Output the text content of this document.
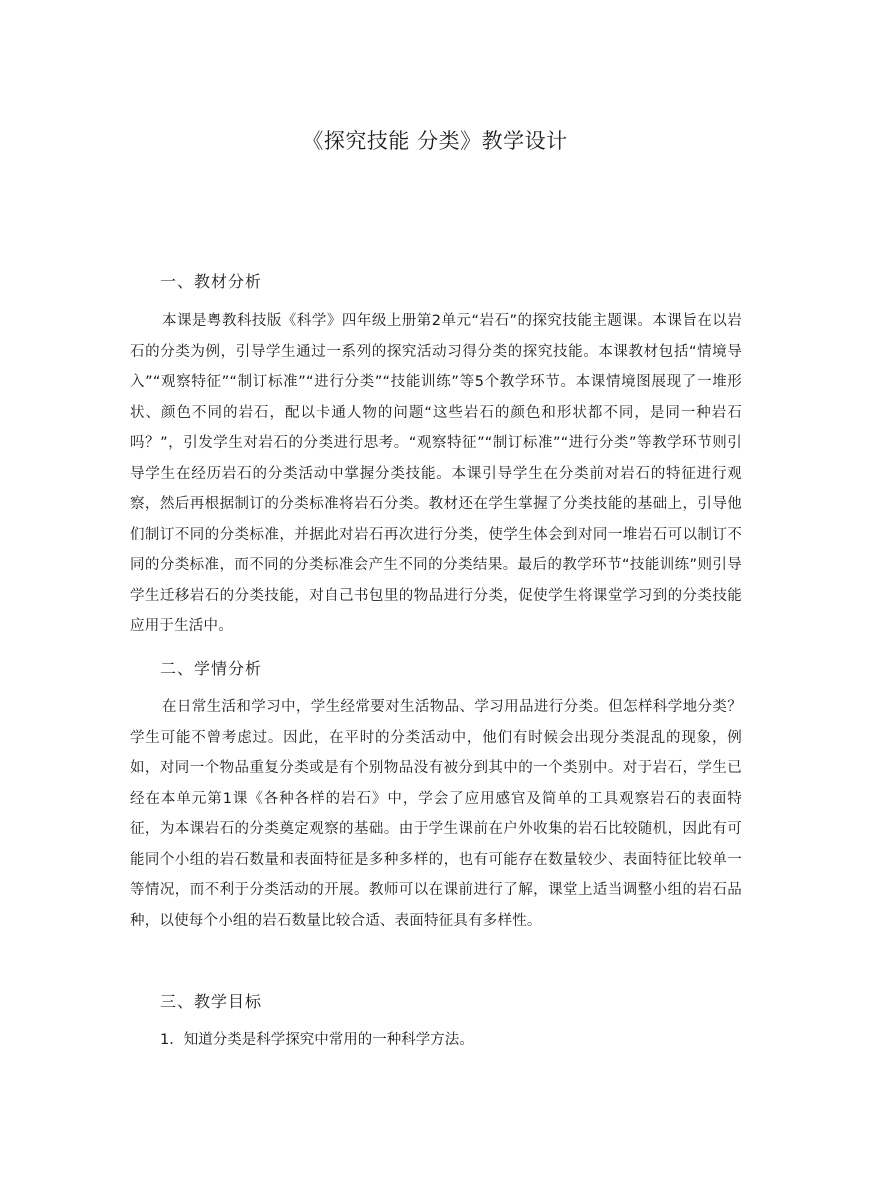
《探究技能 分类》教学设计
一、教材分析
本课是粤教科技版《科学》四年级上册第2单元“岩石”的探究技能主题课。本课旨在以岩石的分类为例，引导学生通过一系列的探究活动习得分类的探究技能。本课教材包括“情境导入”“观察特征”“制订标准”“进行分类”“技能训练”等5个教学环节。本课情境图展现了一堆形状、颜色不同的岩石，配以卡通人物的问题“这些岩石的颜色和形状都不同，是同一种岩石吗？”，引发学生对岩石的分类进行思考。“观察特征”“制订标准”“进行分类”等教学环节则引导学生在经历岩石的分类活动中掌握分类技能。本课引导学生在分类前对岩石的特征进行观察，然后再根据制订的分类标准将岩石分类。教材还在学生掌握了分类技能的基础上，引导他们制订不同的分类标准，并据此对岩石再次进行分类，使学生体会到对同一堆岩石可以制订不同的分类标准，而不同的分类标准会产生不同的分类结果。最后的教学环节“技能训练”则引导学生迁移岩石的分类技能，对自己书包里的物品进行分类，促使学生将课堂学习到的分类技能应用于生活中。
二、学情分析
在日常生活和学习中，学生经常要对生活物品、学习用品进行分类。但怎样科学地分类？学生可能不曾考虑过。因此，在平时的分类活动中，他们有时候会出现分类混乱的现象，例如，对同一个物品重复分类或是有个别物品没有被分到其中的一个类别中。对于岩石，学生已经在本单元第1课《各种各样的岩石》中，学会了应用感官及简单的工具观察岩石的表面特征，为本课岩石的分类奠定观察的基础。由于学生课前在户外收集的岩石比较随机，因此有可能同个小组的岩石数量和表面特征是多种多样的，也有可能存在数量较少、表面特征比较单一等情况，而不利于分类活动的开展。教师可以在课前进行了解，课堂上适当调整小组的岩石品种，以使每个小组的岩石数量比较合适、表面特征具有多样性。
三、教学目标
1．知道分类是科学探究中常用的一种科学方法。
